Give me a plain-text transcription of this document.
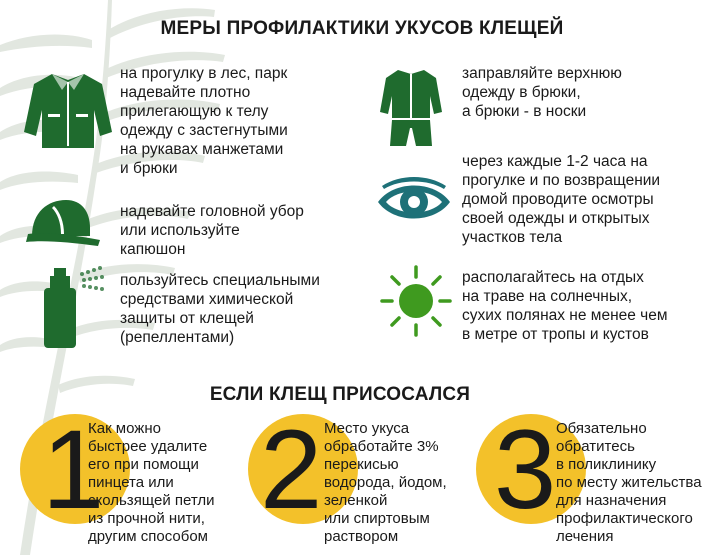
МЕРЫ ПРОФИЛАКТИКИ УКУСОВ КЛЕЩЕЙ
на прогулку в лес, парк
надевайте плотно
прилегающую к телу
одежду с застегнутыми
на рукавах манжетами
и брюки
надевайте головной убор
или используйте
капюшон
пользуйтесь специальными
средствами химической
защиты от клещей
(репеллентами)
заправляйте верхнюю
одежду в брюки,
а брюки - в носки
через каждые 1-2 часа на
прогулке и по возвращении
домой проводите осмотры
своей одежды и открытых
участков тела
располагайтесь на отдых
на траве на солнечных,
сухих полянах не менее чем
в метре от тропы и кустов
ЕСЛИ КЛЕЩ ПРИСОСАЛСЯ
1
Как можно
быстрее удалите
его при помощи
пинцета или
скользящей петли
из прочной нити,
другим способом
2 Место укуса
обработайте 3%
перекисью
водорода, йодом,
зеленкой
или спиртовым
раствором
3 Обязательно
обратитесь
в поликлинику
по месту жительства
для назначения
профилактического
лечения
